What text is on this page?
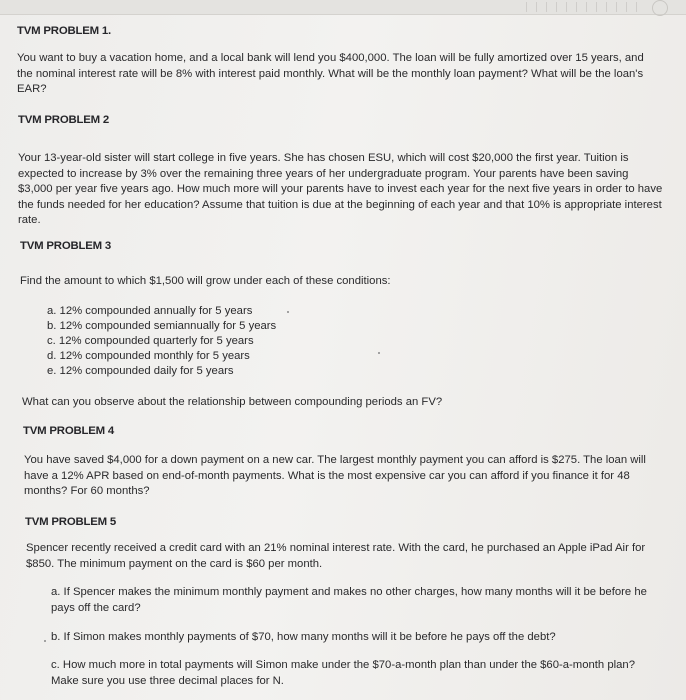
TVM PROBLEM 1.

You want to buy a vacation home, and a local bank will lend you $400,000. The loan will be fully amortized over 15 years, and the nominal interest rate will be 8% with interest paid monthly. What will be the monthly loan payment? What will be the loan's EAR?

TVM PROBLEM 2

Your 13-year-old sister will start college in five years. She has chosen ESU, which will cost $20,000 the first year. Tuition is expected to increase by 3% over the remaining three years of her undergraduate program. Your parents have been saving $3,000 per year five years ago. How much more will your parents have to invest each year for the next five years in order to have the funds needed for her education? Assume that tuition is due at the beginning of each year and that 10% is appropriate interest rate.

TVM PROBLEM 3

Find the amount to which $1,500 will grow under each of these conditions:

a. 12% compounded annually for 5 years
b. 12% compounded semiannually for 5 years
c. 12% compounded quarterly for 5 years
d. 12% compounded monthly for 5 years
e. 12% compounded daily for 5 years

What can you observe about the relationship between compounding periods an FV?

TVM PROBLEM 4

You have saved $4,000 for a down payment on a new car. The largest monthly payment you can afford is $275. The loan will have a 12% APR based on end-of-month payments. What is the most expensive car you can afford if you finance it for 48 months? For 60 months?

TVM PROBLEM 5

Spencer recently received a credit card with an 21% nominal interest rate. With the card, he purchased an Apple iPad Air for $850. The minimum payment on the card is $60 per month.

a. If Spencer makes the minimum monthly payment and makes no other charges, how many months will it be before he pays off the card?

b. If Simon makes monthly payments of $70, how many months will it be before he pays off the debt?

c. How much more in total payments will Simon make under the $70-a-month plan than under the $60-a-month plan? Make sure you use three decimal places for N.
